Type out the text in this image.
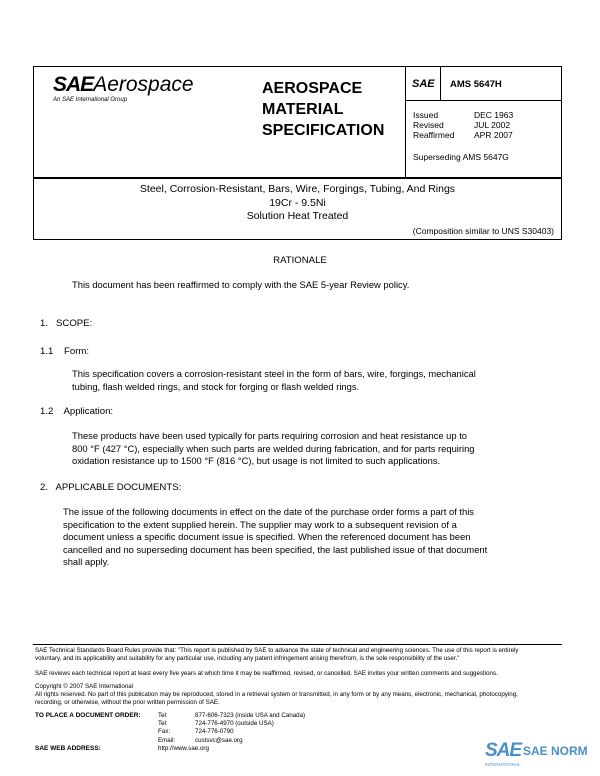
SAEAerospace
An SAE International Group
AEROSPACE
MATERIAL
SPECIFICATION
SAE AMS 5647H
Issued	DEC 1963
Revised	JUL 2002
Reaffirmed APR 2007
Superseding AMS 5647G
Steel, Corrosion-Resistant, Bars, Wire, Forgings, Tubing, And Rings
19Cr - 9.5Ni
Solution Heat Treated
(Composition similar to UNS S30403)
RATIONALE
This document has been reaffirmed to comply with the SAE 5-year Review policy.
1.   SCOPE:
1.1    Form:
This specification covers a corrosion-resistant steel in the form of bars, wire, forgings, mechanical
tubing, flash welded rings, and stock for forging or flash welded rings.
1.2    Application:
These products have been used typically for parts requiring corrosion and heat resistance up to
800 °F (427 °C), especially when such parts are welded during fabrication, and for parts requiring
oxidation resistance up to 1500 °F (816 °C), but usage is not limited to such applications.
2.   APPLICABLE DOCUMENTS:
The issue of the following documents in effect on the date of the purchase order forms a part of this
specification to the extent supplied herein. The supplier may work to a subsequent revision of a
document unless a specific document issue is specified. When the referenced document has been
cancelled and no superseding document has been specified, the last published issue of that document
shall apply.
SAE Technical Standards Board Rules provide that: "This report is published by SAE to advance the state of technical and engineering sciences. The use of this report is entirely
voluntary, and its applicability and suitability for any particular use, including any patent infringement arising therefrom, is the sole responsibility of the user."
SAE reviews each technical report at least every five years at which time it may be reaffirmed, revised, or cancelled. SAE invites your written comments and suggestions.
Copyright © 2007 SAE International
All rights reserved. No part of this publication may be reproduced, stored in a retrieval system or transmitted, in any form or by any means, electronic, mechanical, photocopying,
recording, or otherwise, without the prior written permission of SAE.
TO PLACE A DOCUMENT ORDER:	Tel:	877-606-7323 (inside USA and Canada)
Tel:	724-776-4970 (outside USA)
Fax:	724-776-0790
Email:	custsvc@sae.org
SAE WEB ADDRESS:	http://www.sae.org	SAE SAE NORM
INTERNATIONAL
